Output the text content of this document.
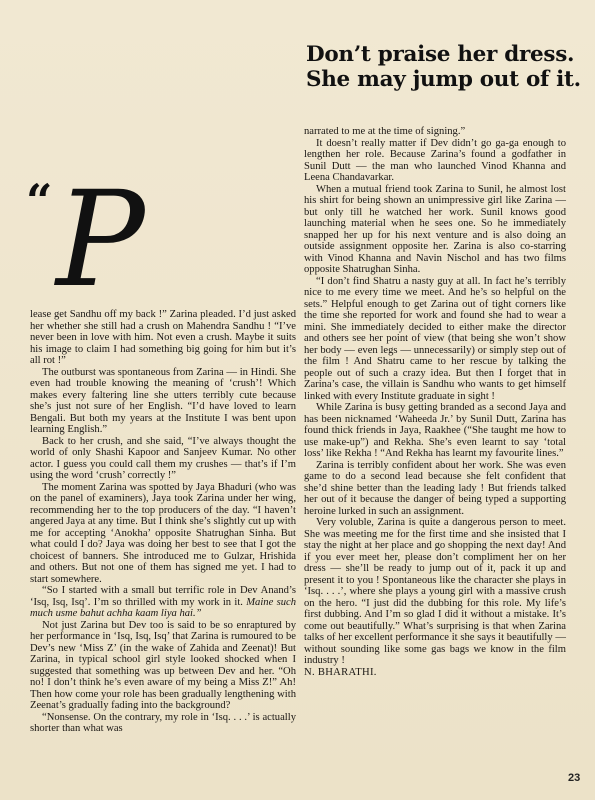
Don’t praise her dress. She may jump out of it.
“ P

lease get Sandhu off my back !” Zarina pleaded. I’d just asked her whether she still had a crush on Mahendra Sandhu ! “I’ve never been in love with him. Not even a crush. Maybe it suits his image to claim I had something big going for him but it’s all rot !”

The outburst was spontaneous from Zarina — in Hindi. She even had trouble knowing the meaning of ‘crush’! Which makes every faltering line she utters terribly cute because she’s just not sure of her English. “I’d have loved to learn Bengali. But both my years at the Institute I was bent upon learning English.”

Back to her crush, and she said, “I’ve always thought the world of only Shashi Kapoor and Sanjeev Kumar. No other actor. I guess you could call them my crushes — that’s if I’m using the word ‘crush’ correctly !”

The moment Zarina was spotted by Jaya Bhaduri (who was on the panel of examiners), Jaya took Zarina under her wing, recommending her to the top producers of the day. “I haven’t angered Jaya at any time. But I think she’s slightly cut up with me for accepting ‘Anokha’ opposite Shatrughan Sinha. But what could I do? Jaya was doing her best to see that I got the choicest of banners. She introduced me to Gulzar, Hrishida and others. But not one of them has signed me yet. I had to start somewhere.

“So I started with a small but terrific role in Dev Anand’s ‘Isq, Isq, Isq’. I’m so thrilled with my work in it. Maine such much usme bahut achha kaam liya hai.”

Not just Zarina but Dev too is said to be so enraptured by her performance in ‘Isq, Isq, Isq’ that Zarina is rumoured to be Dev’s new ‘Miss Z’ (in the wake of Zahida and Zeenat)! But Zarina, in typical school girl style looked shocked when I suggested that something was up between Dev and her. “Oh no! I don’t think he’s even aware of my being a Miss Z!” Ah! Then how come your role has been gradually lengthening with Zeenat’s gradually fading into the background?

“Nonsense. On the contrary, my role in ‘Isq. . . .’ is actually shorter than what was

narrated to me at the time of signing.”

It doesn’t really matter if Dev didn’t go ga-ga enough to lengthen her role. Because Zarina’s found a godfather in Sunil Dutt — the man who launched Vinod Khanna and Leena Chandavarkar.

When a mutual friend took Zarina to Sunil, he almost lost his shirt for being shown an unimpressive girl like Zarina — but only till he watched her work. Sunil knows good launching material when he sees one. So he immediately snapped her up for his next venture and is also doing an outside assignment opposite her. Zarina is also co-starring with Vinod Khanna and Navin Nischol and has two films opposite Shatrughan Sinha.

“I don’t find Shatru a nasty guy at all. In fact he’s terribly nice to me every time we meet. And he’s so helpful on the sets.” Helpful enough to get Zarina out of tight corners like the time she reported for work and found she had to wear a mini. She immediately decided to either make the director and others see her point of view (that being she won’t show her body — even legs — unnecessarily) or simply step out of the film ! And Shatru came to her rescue by talking the people out of such a crazy idea. But then I forget that in Zarina’s case, the villain is Sandhu who wants to get himself linked with every Institute graduate in sight !

While Zarina is busy getting branded as a second Jaya and has been nicknamed ‘Waheeda Jr.’ by Sunil Dutt, Zarina has found thick friends in Jaya, Raakhee (“She taught me how to use make-up”) and Rekha. She’s even learnt to say ‘total loss’ like Rekha ! “And Rekha has learnt my favourite lines.”

Zarina is terribly confident about her work. She was even game to do a second lead because she felt confident that she’d shine better than the leading lady ! But friends talked her out of it because the danger of being typed a supporting heroine lurked in such an assignment.

Very voluble, Zarina is quite a dangerous person to meet. She was meeting me for the first time and she insisted that I stay the night at her place and go shopping the next day! And if you ever meet her, please don’t compliment her on her dress — she’ll be ready to jump out of it, pack it up and present it to you ! Spontaneous like the character she plays in ‘Isq. . . .’, where she plays a young girl with a massive crush on the hero. “I just did the dubbing for this role. My life’s first dubbing. And I’m so glad I did it without a mistake. It’s come out beautifully.” What’s surprising is that when Zarina talks of her excellent performance it she says it beautifully — without sounding like some gas bags we know in the film industry !

N. BHARATHI.

23
